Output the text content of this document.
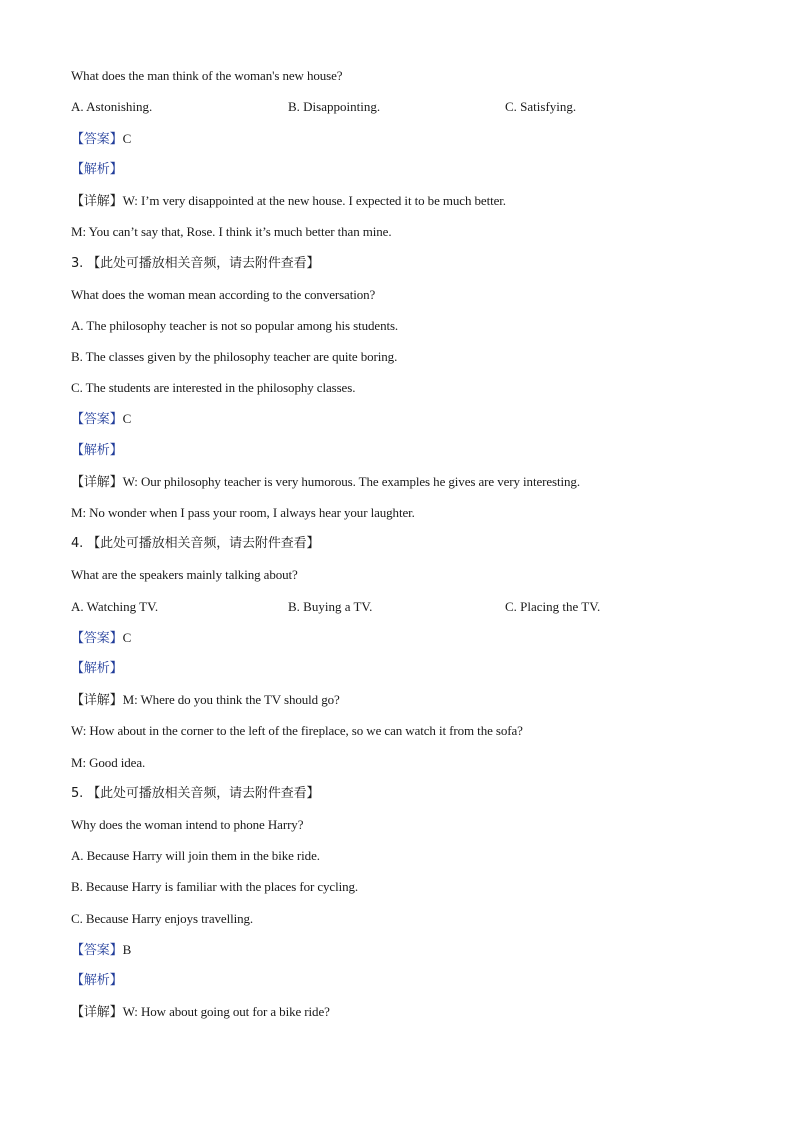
What does the man think of the woman's new house?
A. Astonishing.	B. Disappointing.	C. Satisfying.
【答案】C
【解析】
【详解】W: I’m very disappointed at the new house. I expected it to be much better.
M: You can’t say that, Rose. I think it’s much better than mine.
3. 【此处可播放相关音频，请去附件查看】
What does the woman mean according to the conversation?
A. The philosophy teacher is not so popular among his students.
B. The classes given by the philosophy teacher are quite boring.
C. The students are interested in the philosophy classes.
【答案】C
【解析】
【详解】W: Our philosophy teacher is very humorous. The examples he gives are very interesting.
M: No wonder when I pass your room, I always hear your laughter.
4. 【此处可播放相关音频，请去附件查看】
What are the speakers mainly talking about?
A. Watching TV.	B. Buying a TV.	C. Placing the TV.
【答案】C
【解析】
【详解】M: Where do you think the TV should go?
W: How about in the corner to the left of the fireplace, so we can watch it from the sofa?
M: Good idea.
5. 【此处可播放相关音频，请去附件查看】
Why does the woman intend to phone Harry?
A. Because Harry will join them in the bike ride.
B. Because Harry is familiar with the places for cycling.
C. Because Harry enjoys travelling.
【答案】B
【解析】
【详解】W: How about going out for a bike ride?
